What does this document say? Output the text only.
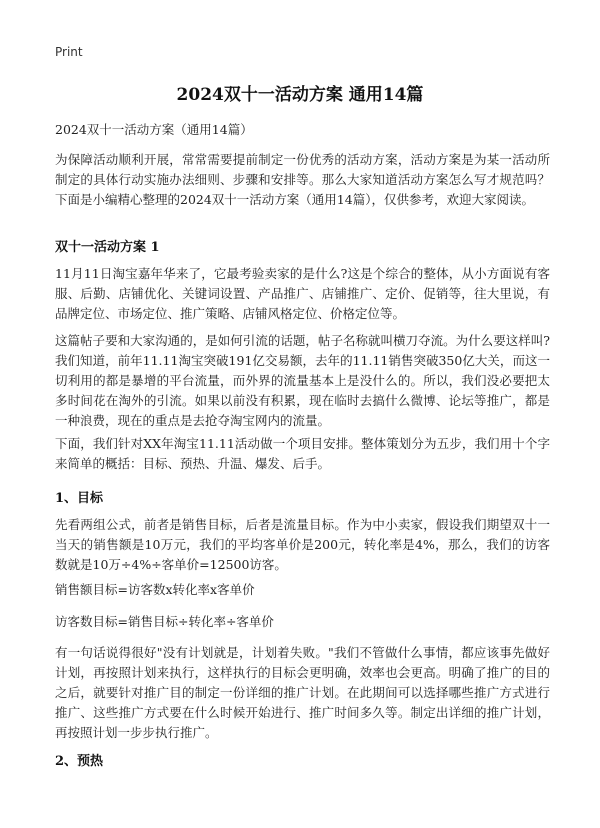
Print
2024双十一活动方案 通用14篇
2024双十一活动方案（通用14篇）

为保障活动顺利开展，常常需要提前制定一份优秀的活动方案，活动方案是为某一活动所制定的具体行动实施办法细则、步骤和安排等。那么大家知道活动方案怎么写才规范吗？下面是小编精心整理的2024双十一活动方案（通用14篇），仅供参考，欢迎大家阅读。

双十一活动方案 1

11月11日淘宝嘉年华来了，它最考验卖家的是什么?这是个综合的整体，从小方面说有客服、后勤、店铺优化、关键词设置、产品推广、店铺推广、定价、促销等，往大里说，有品牌定位、市场定位、推广策略、店铺风格定位、价格定位等。

这篇帖子要和大家沟通的，是如何引流的话题，帖子名称就叫横刀夺流。为什么要这样叫?我们知道，前年11.11淘宝突破191亿交易额，去年的11.11销售突破350亿大关，而这一切利用的都是暴增的平台流量，而外界的流量基本上是没什么的。所以，我们没必要把太多时间花在淘外的引流。如果以前没有积累，现在临时去搞什么微博、论坛等推广，都是一种浪费，现在的重点是去抢夺淘宝网内的流量。

下面，我们针对XX年淘宝11.11活动做一个项目安排。整体策划分为五步，我们用十个字来简单的概括：目标、预热、升温、爆发、后手。

1、目标

先看两组公式，前者是销售目标，后者是流量目标。作为中小卖家，假设我们期望双十一当天的销售额是10万元，我们的平均客单价是200元，转化率是4%，那么，我们的访客数就是10万÷4%÷客单价=12500访客。

销售额目标=访客数x转化率x客单价
访客数目标=销售目标÷转化率÷客单价

有一句话说得很好"没有计划就是，计划着失败。"我们不管做什么事情，都应该事先做好计划，再按照计划来执行，这样执行的目标会更明确，效率也会更高。明确了推广的目的之后，就要针对推广目的制定一份详细的推广计划。在此期间可以选择哪些推广方式进行推广、这些推广方式要在什么时候开始进行、推广时间多久等。制定出详细的推广计划，再按照计划一步步执行推广。

2、预热
